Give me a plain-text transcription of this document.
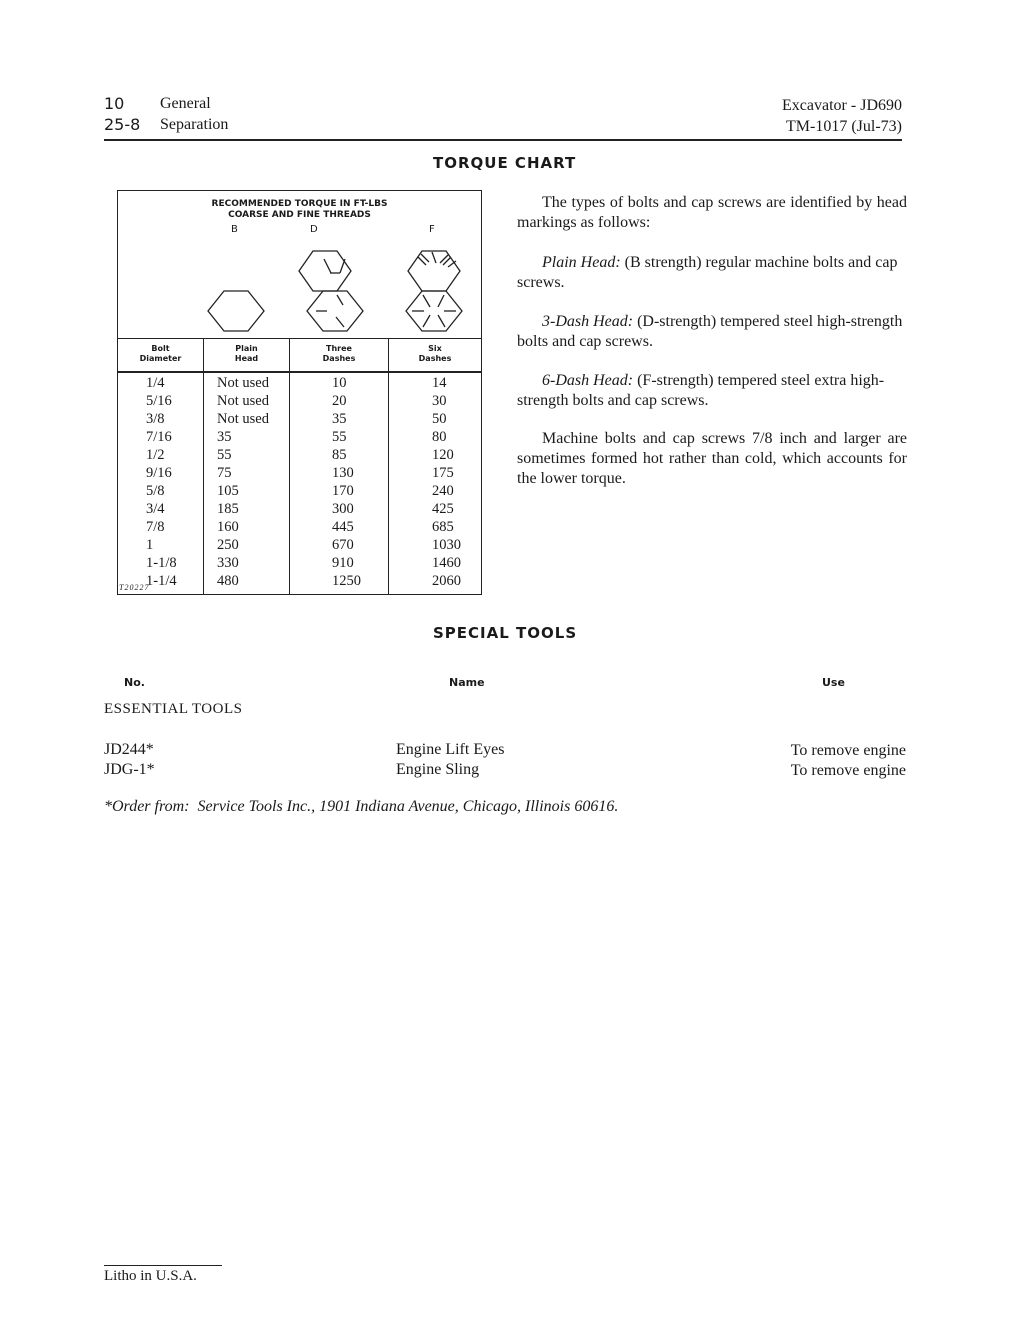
10 General
25-8 Separation
Excavator - JD690
TM-1017 (Jul-73)
TORQUE CHART
RECOMMENDED TORQUE IN FT-LBS
COARSE AND FINE THREADS
B	D	F
Bolt
Diameter
Plain
Head
Three
Dashes
Six
Dashes
1/4	Not used	10	14
5/16	Not used	20	30
3/8	Not used	35	50
7/16	35	55	80
1/2	55	85	120
9/16	75	130	175
5/8	105	170	240
3/4	185	300	425
7/8	160	445	685
1	250	670	1030
1-1/8	330	910	1460
1-1/4	480	1250	2060
T20227
The types of bolts and cap screws are identified by head markings as follows:
Plain Head: (B strength) regular machine bolts and cap screws.
3-Dash Head: (D-strength) tempered steel high-strength bolts and cap screws.
6-Dash Head: (F-strength) tempered steel extra high-strength bolts and cap screws.
Machine bolts and cap screws 7/8 inch and larger are sometimes formed hot rather than cold, which accounts for the lower torque.
SPECIAL TOOLS
No.	Name	Use
ESSENTIAL TOOLS
JD244*	Engine Lift Eyes	To remove engine
JDG-1*	Engine Sling	To remove engine
*Order from: Service Tools Inc., 1901 Indiana Avenue, Chicago, Illinois 60616.
Litho in U.S.A.
